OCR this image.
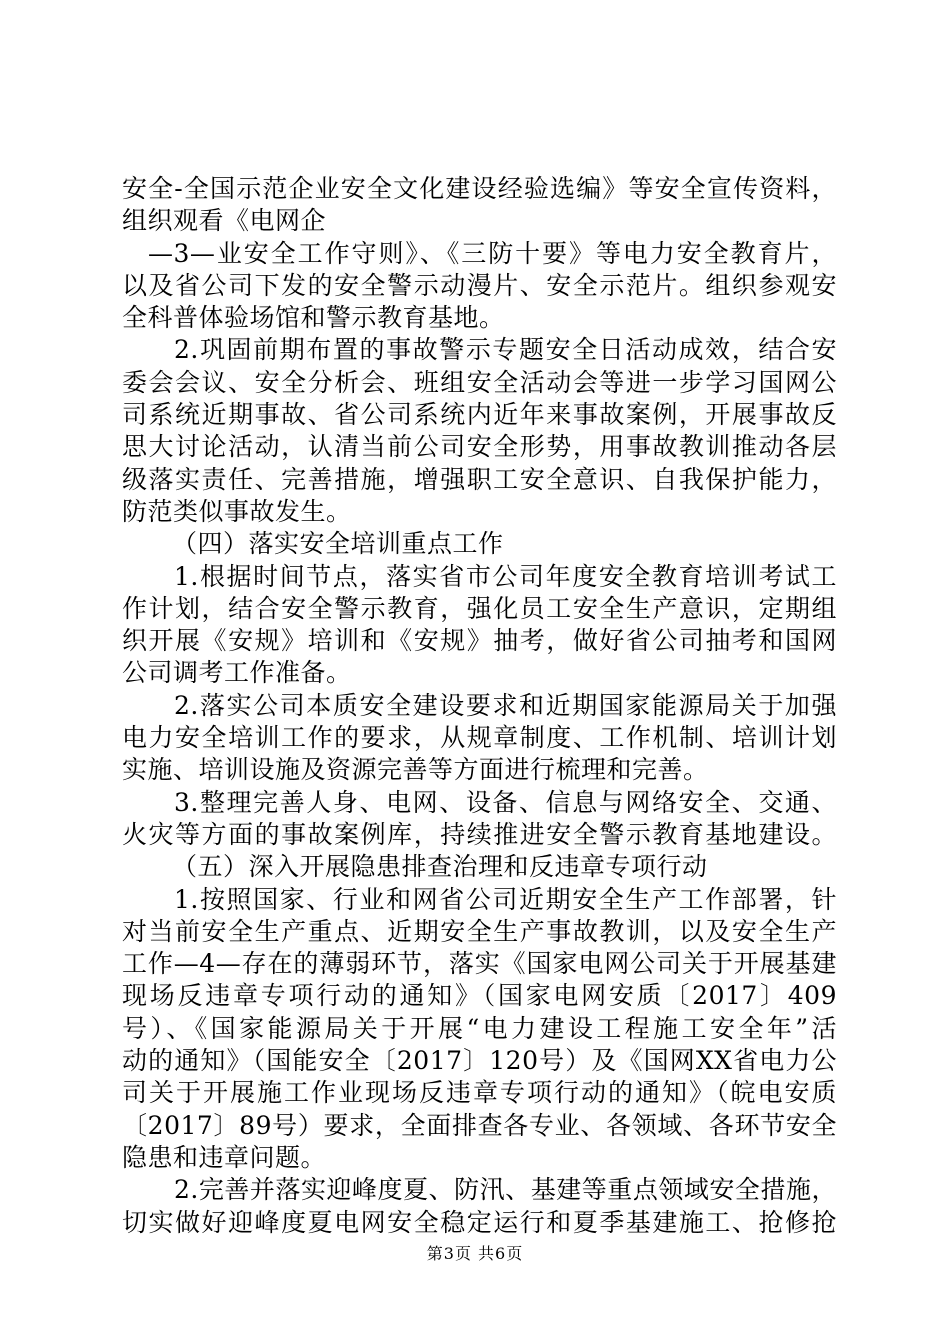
安全-全国示范企业安全文化建设经验选编》等安全宣传资料，
组织观看《电网企
—3—业安全工作守则》、《三防十要》等电力安全教育片，
以及省公司下发的安全警示动漫片、安全示范片。组织参观安
全科普体验场馆和警示教育基地。
2.巩固前期布置的事故警示专题安全日活动成效，结合安
委会会议、安全分析会、班组安全活动会等进一步学习国网公
司系统近期事故、省公司系统内近年来事故案例，开展事故反
思大讨论活动，认清当前公司安全形势，用事故教训推动各层
级落实责任、完善措施，增强职工安全意识、自我保护能力，
防范类似事故发生。
（四）落实安全培训重点工作
1.根据时间节点，落实省市公司年度安全教育培训考试工
作计划，结合安全警示教育，强化员工安全生产意识，定期组
织开展《安规》培训和《安规》抽考，做好省公司抽考和国网
公司调考工作准备。
2.落实公司本质安全建设要求和近期国家能源局关于加强
电力安全培训工作的要求，从规章制度、工作机制、培训计划
实施、培训设施及资源完善等方面进行梳理和完善。
3.整理完善人身、电网、设备、信息与网络安全、交通、
火灾等方面的事故案例库，持续推进安全警示教育基地建设。
（五）深入开展隐患排查治理和反违章专项行动
1.按照国家、行业和网省公司近期安全生产工作部署，针
对当前安全生产重点、近期安全生产事故教训，以及安全生产
工作—4—存在的薄弱环节，落实《国家电网公司关于开展基建
现场反违章专项行动的通知》（国家电网安质〔2017〕409
号）、《国家能源局关于开展“电力建设工程施工安全年”活
动的通知》（国能安全〔2017〕120号）及《国网XX省电力公
司关于开展施工作业现场反违章专项行动的通知》（皖电安质
〔2017〕89号）要求，全面排查各专业、各领域、各环节安全
隐患和违章问题。
2.完善并落实迎峰度夏、防汛、基建等重点领域安全措施，
切实做好迎峰度夏电网安全稳定运行和夏季基建施工、抢修抢
第3页 共6页
